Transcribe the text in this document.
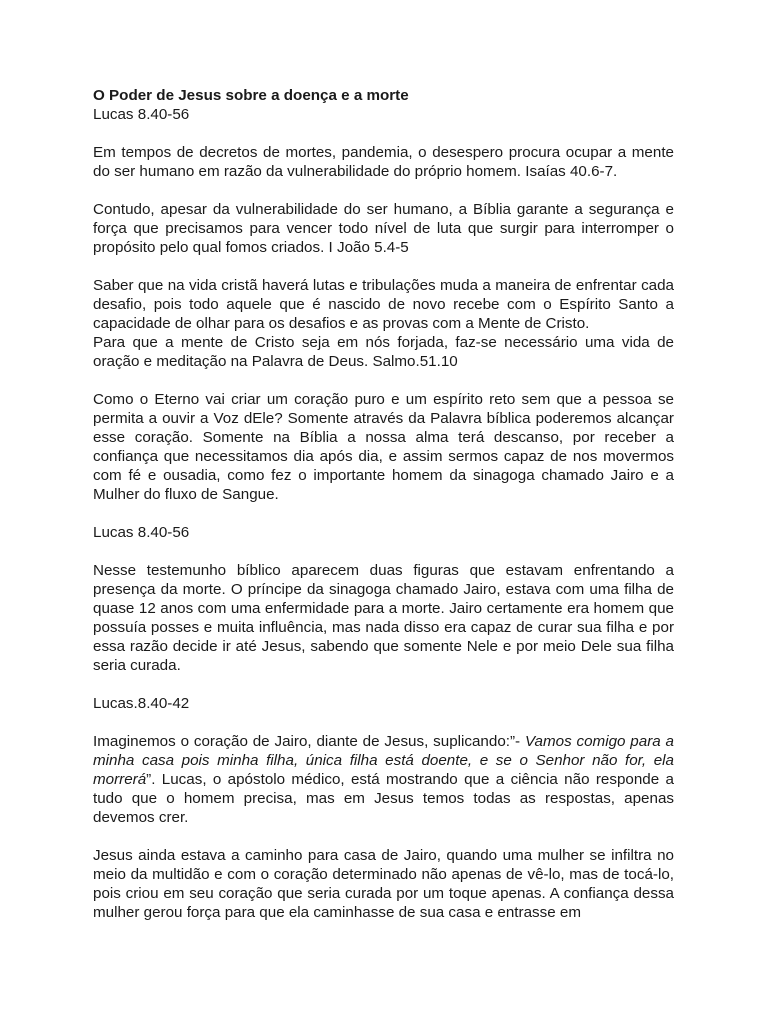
O Poder de Jesus sobre a doença e a morte

Lucas 8.40-56

Em tempos de decretos de mortes, pandemia, o desespero procura ocupar a mente do ser humano em razão da vulnerabilidade do próprio homem. Isaías 40.6-7.

Contudo, apesar da vulnerabilidade do ser humano, a Bíblia garante a segurança e força que precisamos para vencer todo nível de luta que surgir para interromper o propósito pelo qual fomos criados. I João 5.4-5

Saber que na vida cristã haverá lutas e tribulações muda a maneira de enfrentar cada desafio, pois todo aquele que é nascido de novo recebe com o Espírito Santo a capacidade de olhar para os desafios e as provas com a Mente de Cristo.

Para que a mente de Cristo seja em nós forjada, faz-se necessário uma vida de oração e meditação na Palavra de Deus. Salmo.51.10

Como o Eterno vai criar um coração puro e um espírito reto sem que a pessoa se permita a ouvir a Voz dEle? Somente através da Palavra bíblica poderemos alcançar esse coração. Somente na Bíblia a nossa alma terá descanso, por receber a confiança que necessitamos dia após dia, e assim sermos capaz de nos movermos com fé e ousadia, como fez o importante homem da sinagoga chamado Jairo e a Mulher do fluxo de Sangue.

Lucas 8.40-56

Nesse testemunho bíblico aparecem duas figuras que estavam enfrentando a presença da morte. O príncipe da sinagoga chamado Jairo, estava com uma filha de quase 12 anos com uma enfermidade para a morte. Jairo certamente era homem que possuía posses e muita influência, mas nada disso era capaz de curar sua filha e por essa razão decide ir até Jesus, sabendo que somente Nele e por meio Dele sua filha seria curada.

Lucas.8.40-42

Imaginemos o coração de Jairo, diante de Jesus, suplicando:”- Vamos comigo para a minha casa pois minha filha, única filha está doente, e se o Senhor não for, ela morrerá”. Lucas, o apóstolo médico, está mostrando que a ciência não responde a tudo que o homem precisa, mas em Jesus temos todas as respostas, apenas devemos crer.

Jesus ainda estava a caminho para casa de Jairo, quando uma mulher se infiltra no meio da multidão e com o coração determinado não apenas de vê-lo, mas de tocá-lo, pois criou em seu coração que seria curada por um toque apenas. A confiança dessa mulher gerou força para que ela caminhasse de sua casa e entrasse em
